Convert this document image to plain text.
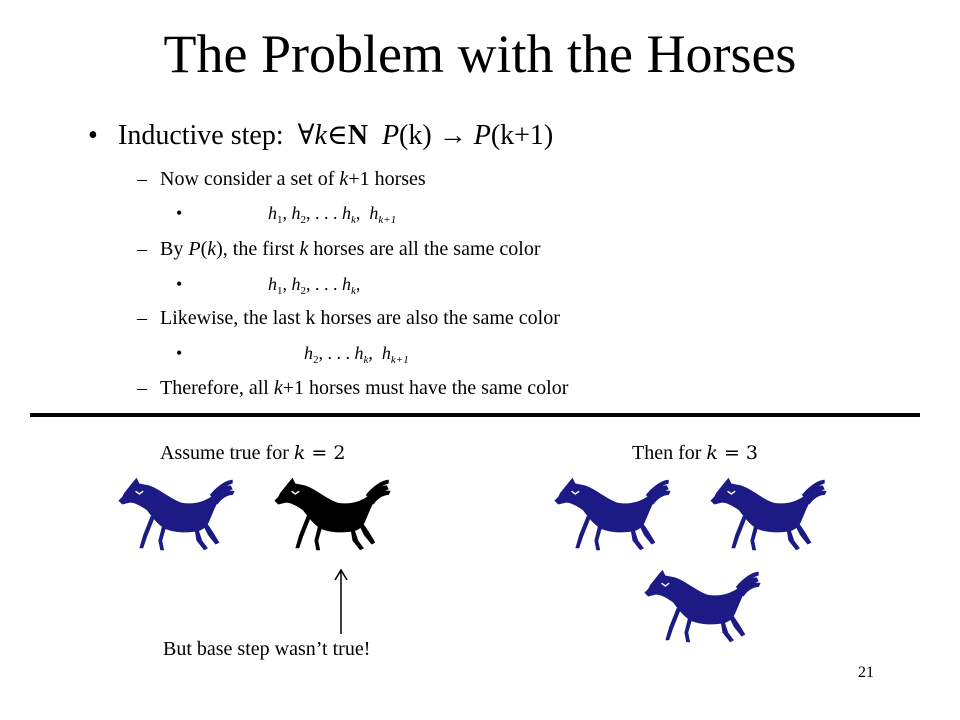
The Problem with the Horses
• Inductive step: ∀k∈N P(k) → P(k+1)
– Now consider a set of k+1 horses
•	$h_1$, $h_2$, . . . $h_k$,  $h_{k+1}$
– By P(k), the first k horses are all the same color
•	$h_1$, $h_2$, . . . $h_k$,
– Likewise, the last k horses are also the same color
•	$h_2$, . . . $h_k$,  $h_{k+1}$
– Therefore, all k+1 horses must have the same color
Assume true for k = 2	Then for k = 3
But base step wasn’t true!
21
